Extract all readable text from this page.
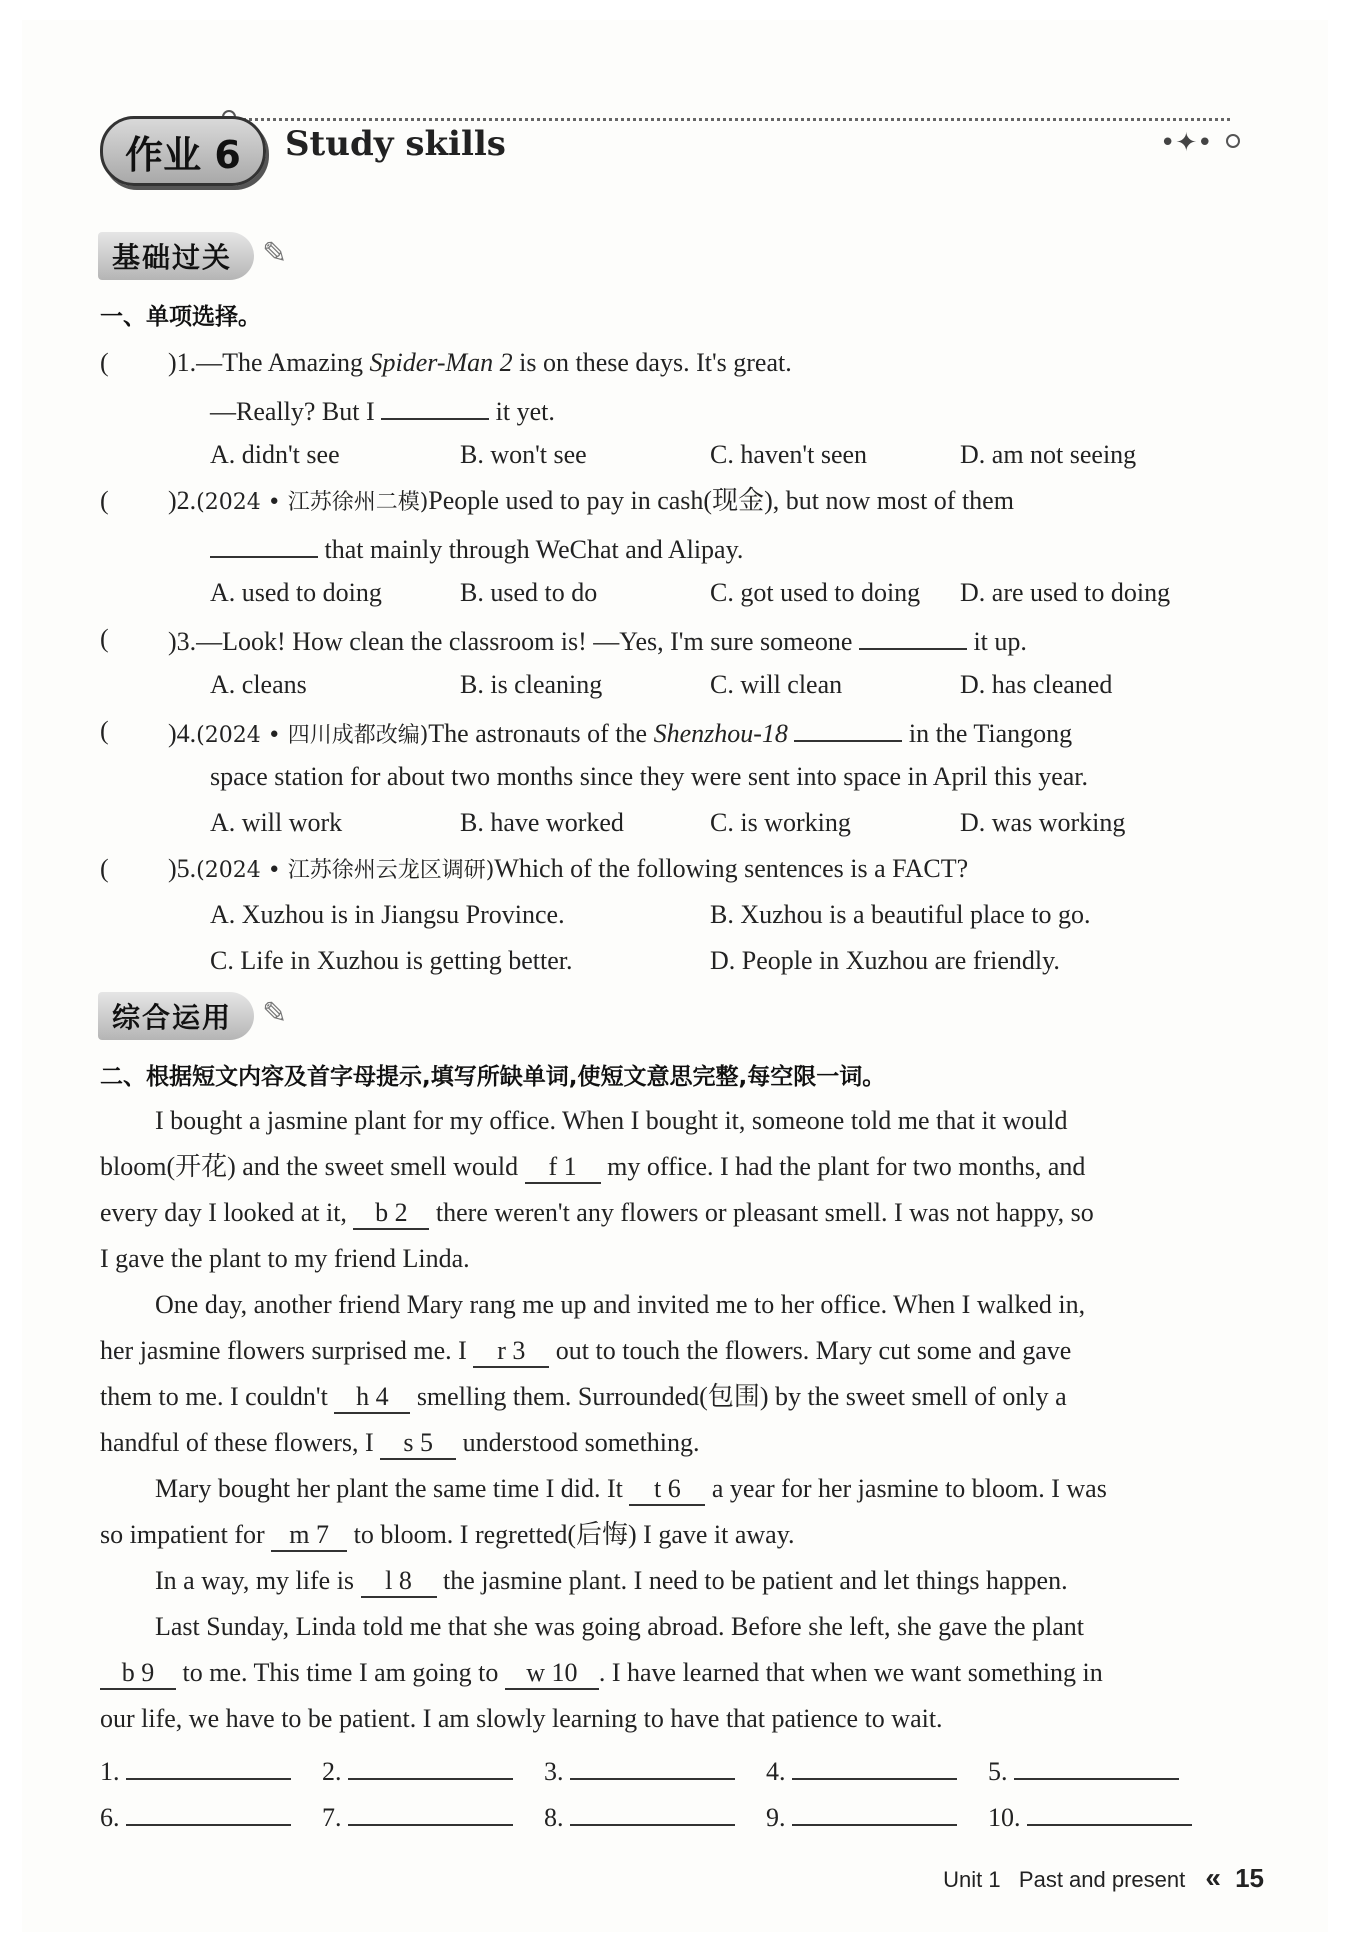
•✦•
作业 6	Study skills
基础过关 ✎
一、单项选择。
( )1.—The Amazing Spider-Man 2 is on these days. It's great.
—Really? But I	it yet.
A. didn't see	B. won't see	C. haven't seen	D. am not seeing
( )2.(2024 • 江苏徐州二模)People used to pay in cash(现金), but now most of them
that mainly through WeChat and Alipay.
A. used to doing	B. used to do	C. got used to doing D. are used to doing
( )3.—Look! How clean the classroom is! —Yes, I'm sure someone	it up.
A. cleans	B. is cleaning	C. will clean	D. has cleaned
( )4.(2024 • 四川成都改编)The astronauts of the Shenzhou-18	in the Tiangong
space station for about two months since they were sent into space in April this year.
A. will work	B. have worked	C. is working	D. was working
( )5.(2024 • 江苏徐州云龙区调研)Which of the following sentences is a FACT?
A. Xuzhou is in Jiangsu Province.	B. Xuzhou is a beautiful place to go.
C. Life in Xuzhou is getting better.	D. People in Xuzhou are friendly.
综合运用 ✎
二、根据短文内容及首字母提示,填写所缺单词,使短文意思完整,每空限一词。
I bought a jasmine plant for my office. When I bought it, someone told me that it would
bloom(开花) and the sweet smell would f 1 my office. I had the plant for two months, and
every day I looked at it, b 2 there weren't any flowers or pleasant smell. I was not happy, so
I gave the plant to my friend Linda.
One day, another friend Mary rang me up and invited me to her office. When I walked in,
her jasmine flowers surprised me. I r 3 out to touch the flowers. Mary cut some and gave
them to me. I couldn't h 4 smelling them. Surrounded(包围) by the sweet smell of only a
handful of these flowers, I s 5 understood something.
Mary bought her plant the same time I did. It t 6 a year for her jasmine to bloom. I was
so impatient for m 7 to bloom. I regretted(后悔) I gave it away.
In a way, my life is l 8 the jasmine plant. I need to be patient and let things happen.
Last Sunday, Linda told me that she was going abroad. Before she left, she gave the plant
b 9 to me. This time I am going to w 10 . I have learned that when we want something in
our life, we have to be patient. I am slowly learning to have that patience to wait.
1.	2.	3.	4.	5.
6.	7.	8.	9.	10.
Unit 1 Past and present « 15
